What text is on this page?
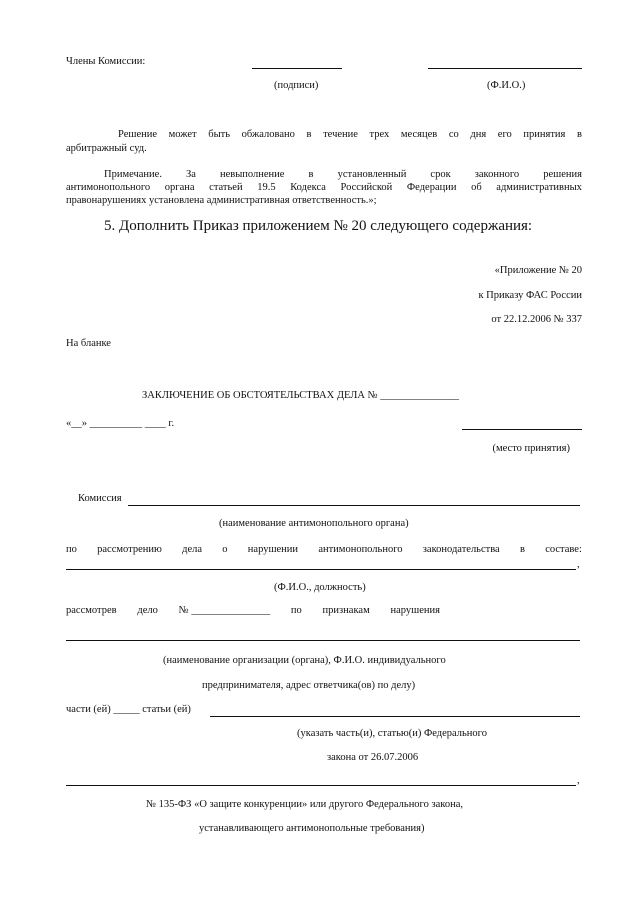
Члены Комиссии:
(подписи)	(Ф.И.О.)
Решение может быть обжаловано в течение трех месяцев со дня его принятия в
арбитражный суд.
Примечание. За невыполнение в установленный срок законного решения
антимонопольного органа статьей 19.5 Кодекса Российской Федерации об административных
правонарушениях установлена административная ответственность.»;
5. Дополнить Приказ приложением № 20 следующего содержания:
«Приложение № 20
к Приказу ФАС России
от 22.12.2006 № 337
На бланке
ЗАКЛЮЧЕНИЕ ОБ ОБСТОЯТЕЛЬСТВАХ ДЕЛА № _______________
«__» __________ ____ г.
(место принятия)
Комиссия
(наименование антимонопольного органа)
по рассмотрению дела о нарушении антимонопольного законодательства в составе:
,
(Ф.И.О., должность)
рассмотрев дело № _______________ по признакам нарушения
(наименование организации (органа), Ф.И.О. индивидуального
предпринимателя, адрес ответчика(ов) по делу)
части (ей) _____ статьи (ей)
(указать часть(и), статью(и) Федерального
закона от 26.07.2006
,
№ 135-ФЗ «О защите конкуренции» или другого Федерального закона,
устанавливающего антимонопольные требования)
